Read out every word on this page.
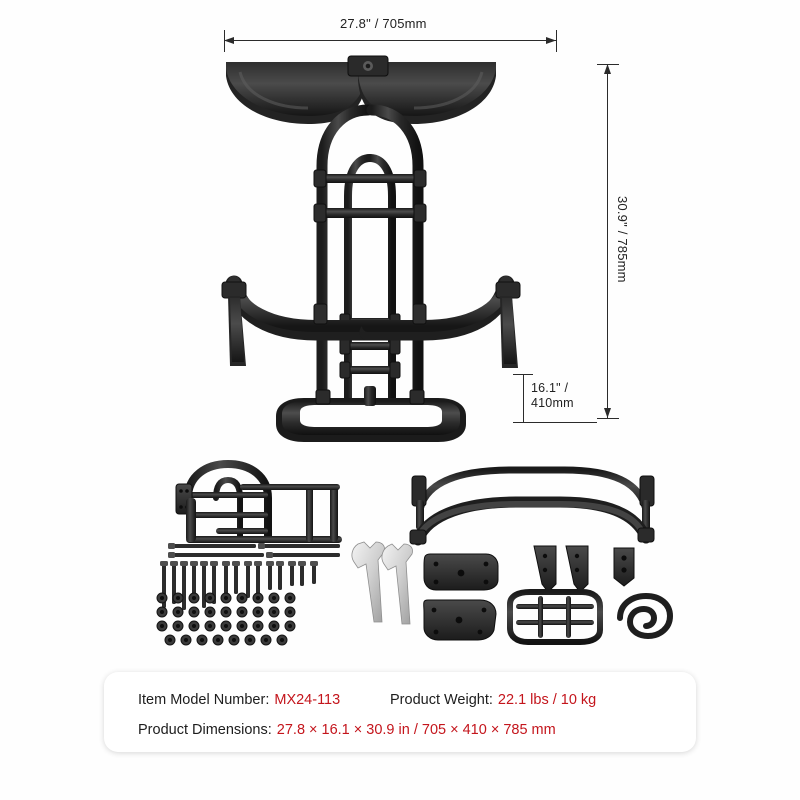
27.8" / 705mm
30.9" / 785mm
16.1" / 410mm
Item Model Number: MX24-113	Product Weight: 22.1 lbs / 10 kg
Product Dimensions: 27.8 × 16.1 × 30.9 in / 705 × 410 × 785 mm
